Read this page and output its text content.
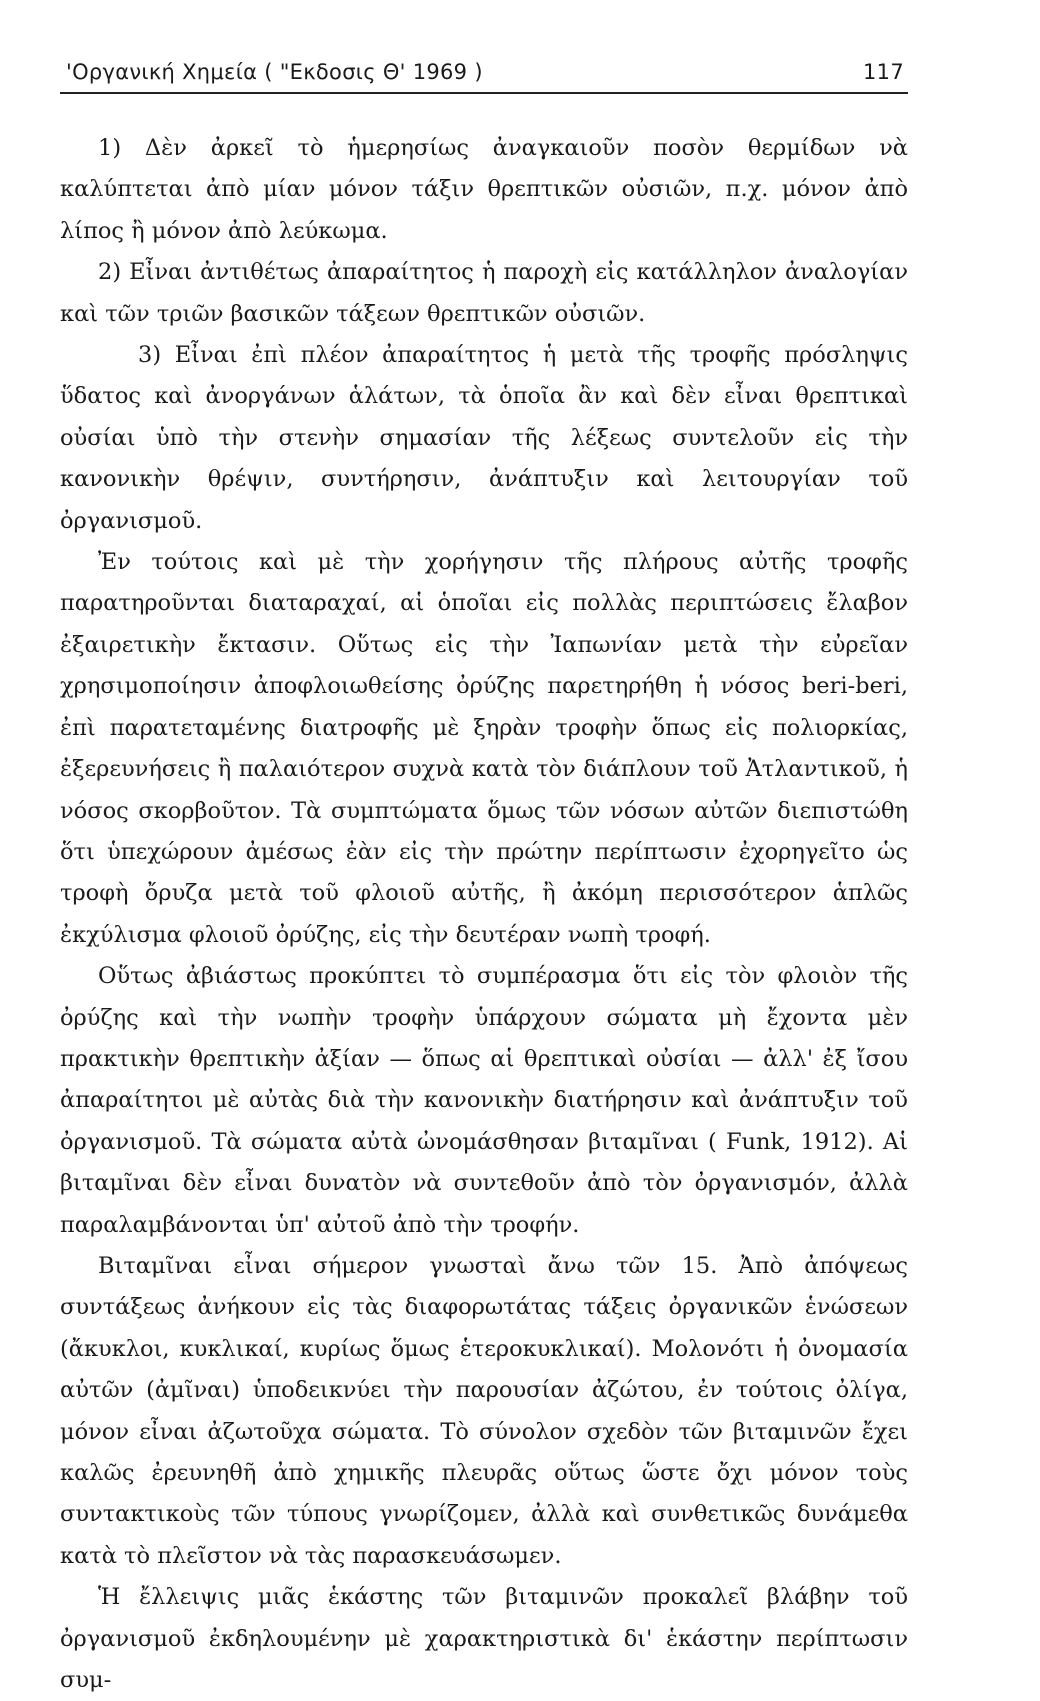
'Οργανική Χημεία ( "Εκδοσις Θ' 1969 )	117

1) Δὲν ἀρκεῖ τὸ ἡμερησίως ἀναγκαιοῦν ποσὸν θερμίδων νὰ καλύπτεται ἀπὸ μίαν μόνον τάξιν θρεπτικῶν οὐσιῶν, π.χ. μόνον ἀπὸ λίπος ἢ μόνον ἀπὸ λεύκωμα.

2) Εἶναι ἀντιθέτως ἀπαραίτητος ἡ παροχὴ εἰς κατάλληλον ἀναλογίαν καὶ τῶν τριῶν βασικῶν τάξεων θρεπτικῶν οὐσιῶν.

3) Εἶναι ἐπὶ πλέον ἀπαραίτητος ἡ μετὰ τῆς τροφῆς πρόσληψις ὕδατος καὶ ἀνοργάνων ἁλάτων, τὰ ὁποῖα ἂν καὶ δὲν εἶναι θρεπτικαὶ οὐσίαι ὑπὸ τὴν στενὴν σημασίαν τῆς λέξεως συντελοῦν εἰς τὴν κανονικὴν θρέψιν, συντήρησιν, ἀνάπτυξιν καὶ λειτουργίαν τοῦ ὀργανισμοῦ.

Ἐν τούτοις καὶ μὲ τὴν χορήγησιν τῆς πλήρους αὐτῆς τροφῆς παρατηροῦνται διαταραχαί, αἱ ὁποῖαι εἰς πολλὰς περιπτώσεις ἔλαβον ἐξαιρετικὴν ἔκτασιν. Οὕτως εἰς τὴν Ἰαπωνίαν μετὰ τὴν εὐρεῖαν χρησιμοποίησιν ἀποφλοιωθείσης ὀρύζης παρετηρήθη ἡ νόσος beri-beri, ἐπὶ παρατεταμένης διατροφῆς μὲ ξηρὰν τροφὴν ὅπως εἰς πολιορκίας, ἐξερευνήσεις ἢ παλαιότερον συχνὰ κατὰ τὸν διάπλουν τοῦ Ἀτλαντικοῦ, ἡ νόσος σκορβοῦτον. Τὰ συμπτώματα ὅμως τῶν νόσων αὐτῶν διεπιστώθη ὅτι ὑπεχώρουν ἀμέσως ἐὰν εἰς τὴν πρώτην περίπτωσιν ἐχορηγεῖτο ὡς τροφὴ ὄρυζα μετὰ τοῦ φλοιοῦ αὐτῆς, ἢ ἀκόμη περισσότερον ἁπλῶς ἐκχύλισμα φλοιοῦ ὀρύζης, εἰς τὴν δευτέραν νωπὴ τροφή.

Οὕτως ἀβιάστως προκύπτει τὸ συμπέρασμα ὅτι εἰς τὸν φλοιὸν τῆς ὀρύζης καὶ τὴν νωπὴν τροφὴν ὑπάρχουν σώματα μὴ ἔχοντα μὲν πρακτικὴν θρεπτικὴν ἀξίαν — ὅπως αἱ θρεπτικαὶ οὐσίαι — ἀλλ' ἐξ ἴσου ἀπαραίτητοι μὲ αὐτὰς διὰ τὴν κανονικὴν διατήρησιν καὶ ἀνάπτυξιν τοῦ ὀργανισμοῦ. Τὰ σώματα αὐτὰ ὠνομάσθησαν βιταμῖναι ( Funk, 1912). Αἱ βιταμῖναι δὲν εἶναι δυνατὸν νὰ συντεθοῦν ἀπὸ τὸν ὀργανισμόν, ἀλλὰ παραλαμβάνονται ὑπ' αὐτοῦ ἀπὸ τὴν τροφήν.

Βιταμῖναι εἶναι σήμερον γνωσταὶ ἄνω τῶν 15. Ἀπὸ ἀπόψεως συντάξεως ἀνήκουν εἰς τὰς διαφορωτάτας τάξεις ὀργανικῶν ἑνώσεων (ἄκυκλοι, κυκλικαί, κυρίως ὅμως ἑτεροκυκλικαί). Μολονότι ἡ ὀνομασία αὐτῶν (ἀμῖναι) ὑποδεικνύει τὴν παρουσίαν ἀζώτου, ἐν τούτοις ὀλίγα, μόνον εἶναι ἀζωτοῦχα σώματα. Τὸ σύνολον σχεδὸν τῶν βιταμινῶν ἔχει καλῶς ἐρευνηθῆ ἀπὸ χημικῆς πλευρᾶς οὕτως ὥστε ὄχι μόνον τοὺς συντακτικοὺς τῶν τύπους γνωρίζομεν, ἀλλὰ καὶ συνθετικῶς δυνάμεθα κατὰ τὸ πλεῖστον νὰ τὰς παρασκευάσωμεν.

Ἡ ἔλλειψις μιᾶς ἑκάστης τῶν βιταμινῶν προκαλεῖ βλάβην τοῦ ὀργανισμοῦ ἐκδηλουμένην μὲ χαρακτηριστικὰ δι' ἑκάστην περίπτωσιν συμ-
